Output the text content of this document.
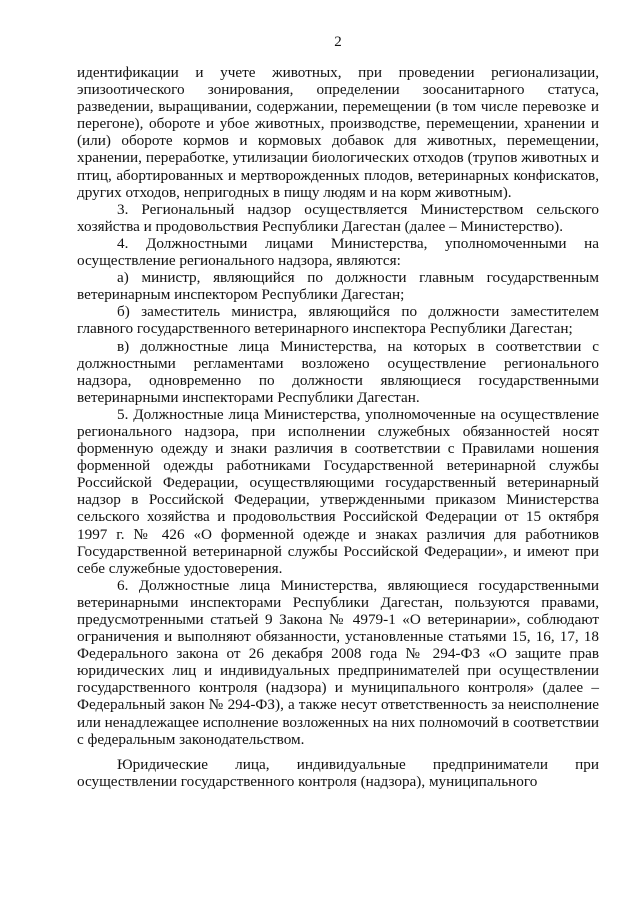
2

идентификации и учете животных, при проведении регионализации, эпизоотического зонирования, определении зоосанитарного статуса, разведении, выращивании, содержании, перемещении (в том числе перевозке и перегоне), обороте и убое животных, производстве, перемещении, хранении и (или) обороте кормов и кормовых добавок для животных, перемещении, хранении, переработке, утилизации биологических отходов (трупов животных и птиц, абортированных и мертворожденных плодов, ветеринарных конфискатов, других отходов, непригодных в пищу людям и на корм животным).

3. Региональный надзор осуществляется Министерством сельского хозяйства и продовольствия Республики Дагестан (далее – Министерство).

4. Должностными лицами Министерства, уполномоченными на осуществление регионального надзора, являются:

а) министр, являющийся по должности главным государственным ветеринарным инспектором Республики Дагестан;

б) заместитель министра, являющийся по должности заместителем главного государственного ветеринарного инспектора Республики Дагестан;

в) должностные лица Министерства, на которых в соответствии с должностными регламентами возложено осуществление регионального надзора, одновременно по должности являющиеся государственными ветеринарными инспекторами Республики Дагестан.

5. Должностные лица Министерства, уполномоченные на осуществление регионального надзора, при исполнении служебных обязанностей носят форменную одежду и знаки различия в соответствии с Правилами ношения форменной одежды работниками Государственной ветеринарной службы Российской Федерации, осуществляющими государственный ветеринарный надзор в Российской Федерации, утвержденными приказом Министерства сельского хозяйства и продовольствия Российской Федерации от 15 октября 1997 г. № 426 «О форменной одежде и знаках различия для работников Государственной ветеринарной службы Российской Федерации», и имеют при себе служебные удостоверения.

6. Должностные лица Министерства, являющиеся государственными ветеринарными инспекторами Республики Дагестан, пользуются правами, предусмотренными статьей 9 Закона № 4979-1 «О ветеринарии», соблюдают ограничения и выполняют обязанности, установленные статьями 15, 16, 17, 18 Федерального закона от 26 декабря 2008 года № 294-ФЗ «О защите прав юридических лиц и индивидуальных предпринимателей при осуществлении государственного контроля (надзора) и муниципального контроля» (далее – Федеральный закон № 294-ФЗ), а также несут ответственность за неисполнение или ненадлежащее исполнение возложенных на них полномочий в соответствии с федеральным законодательством.

Юридические лица, индивидуальные предприниматели при осуществлении государственного контроля (надзора), муниципального
